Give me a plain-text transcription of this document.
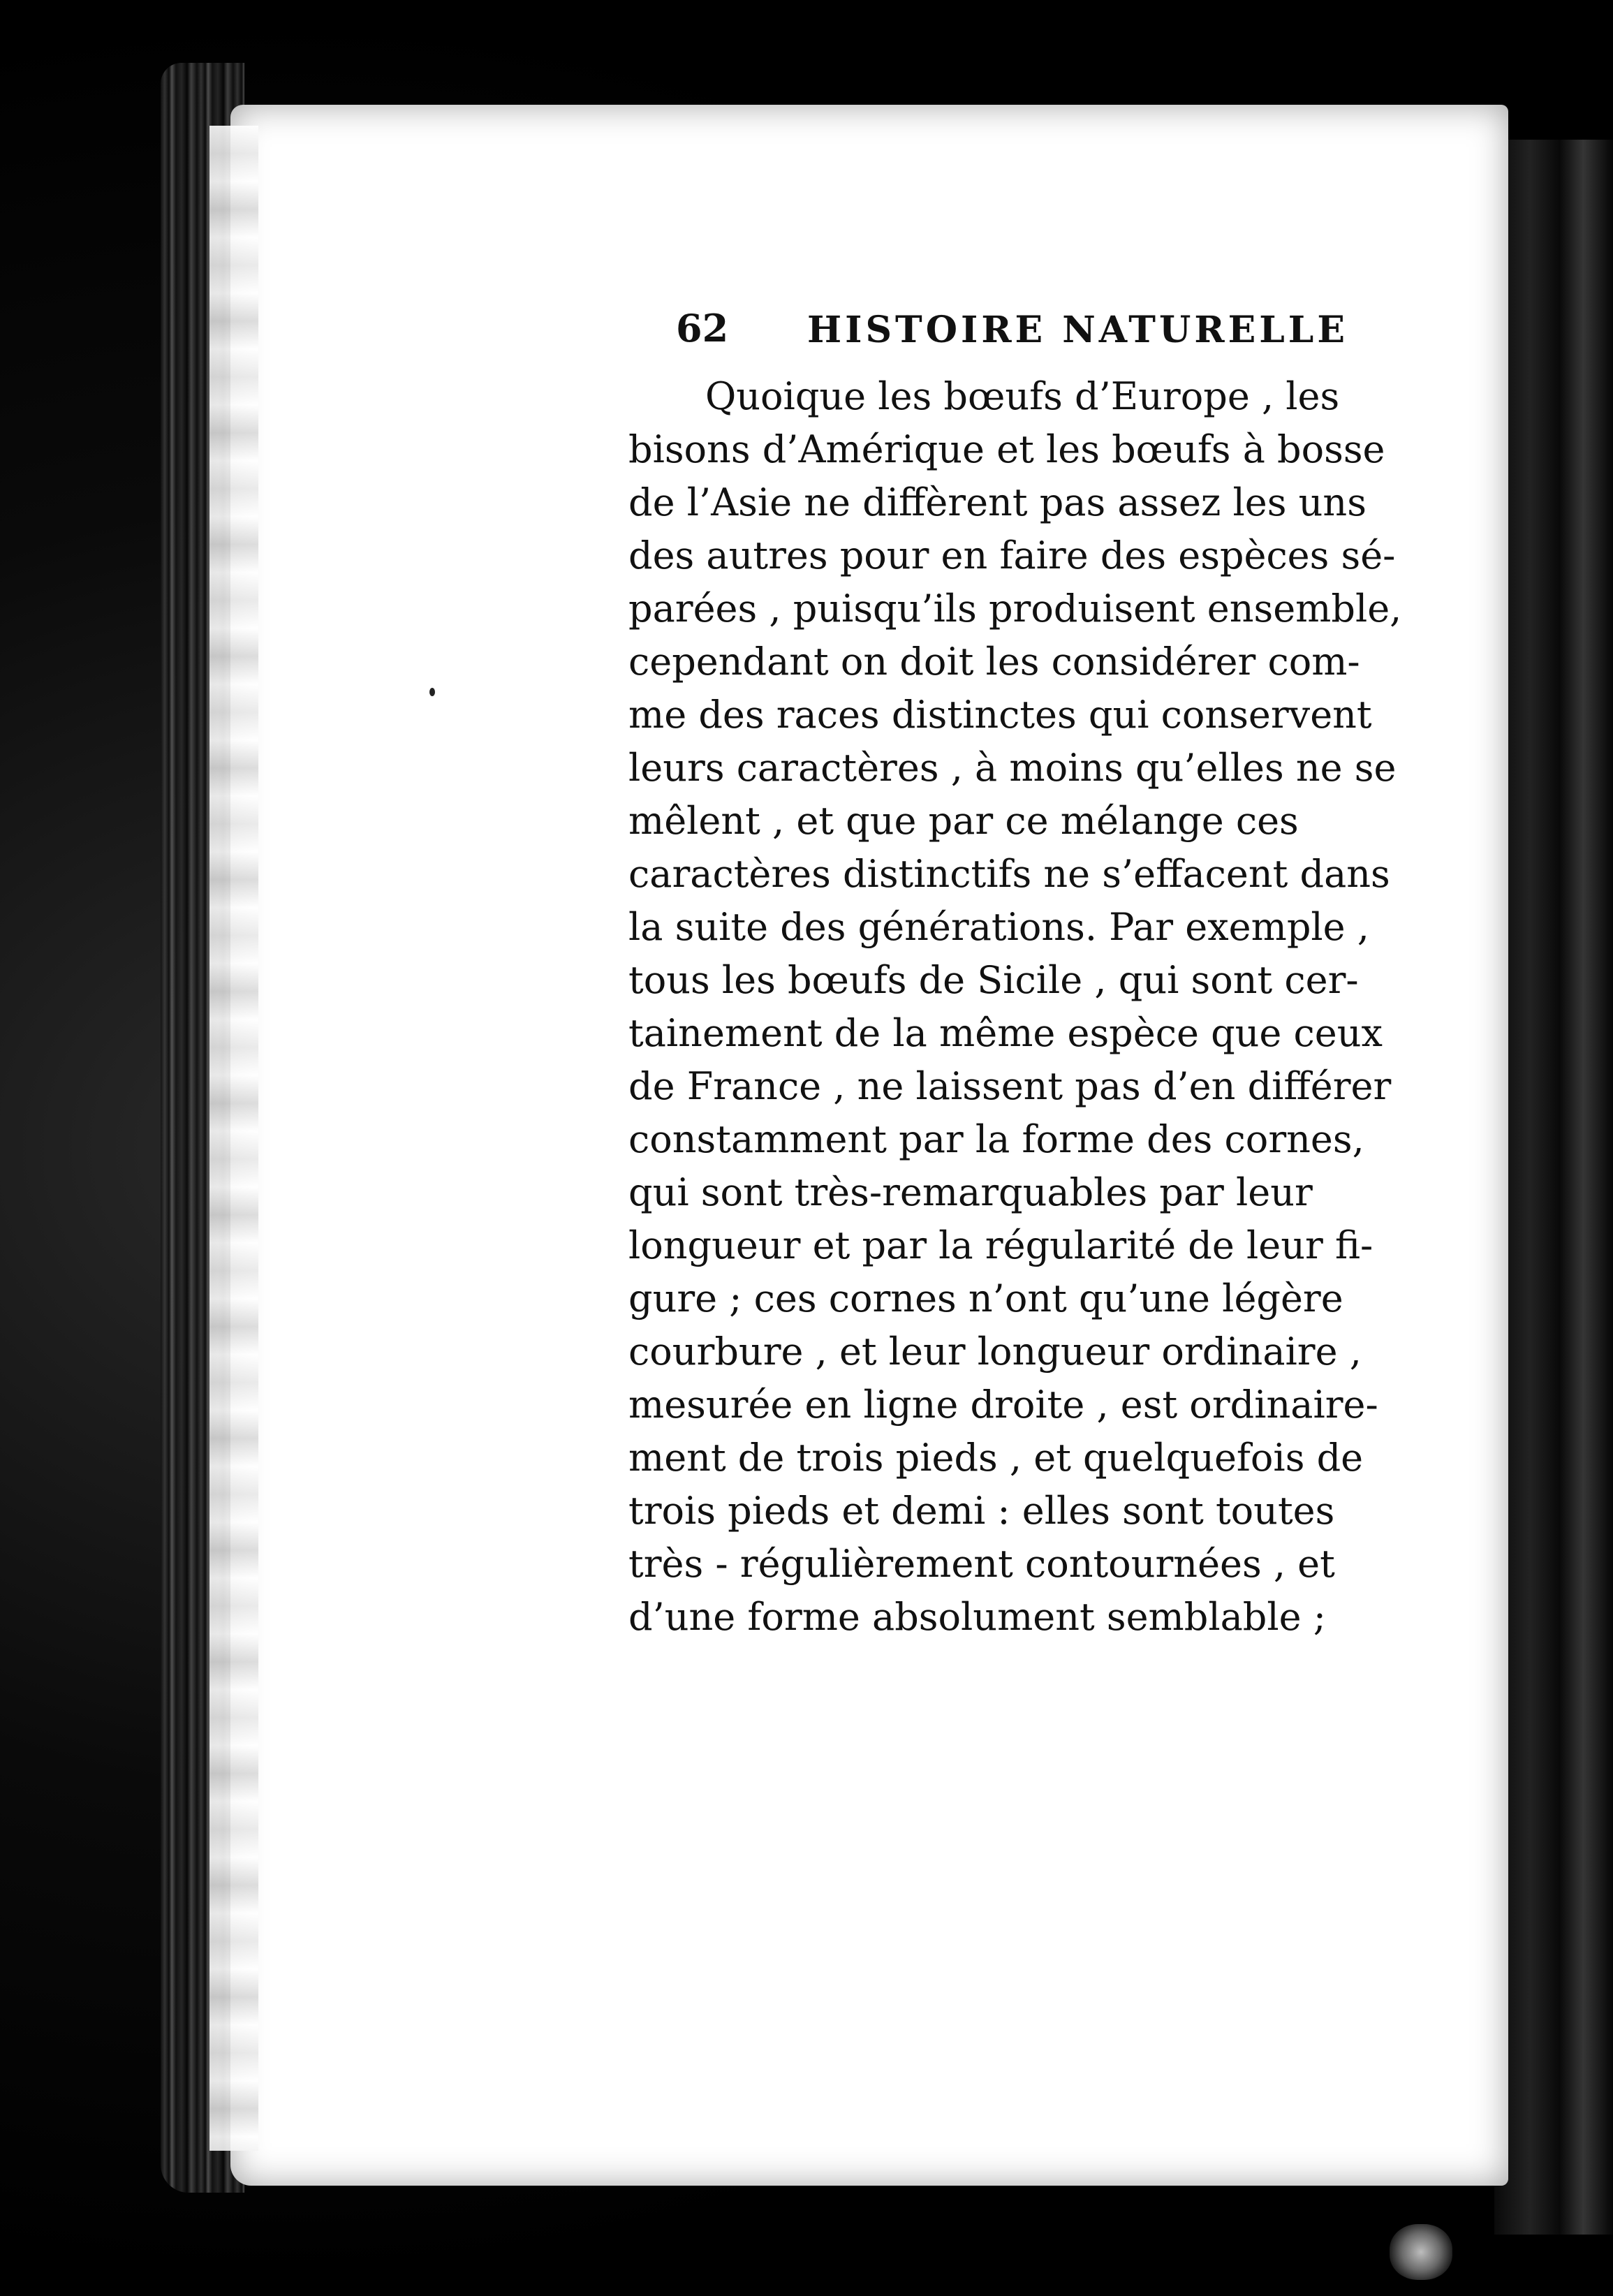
62 HISTOIRE NATURELLE
Quoique les bœufs d’Europe , les
bisons d’Amérique et les bœufs à bosse
de l’Asie ne diffèrent pas assez les uns
des autres pour en faire des espèces sé-
parées , puisqu’ils produisent ensemble,
cependant on doit les considérer com-
me des races distinctes qui conservent
leurs caractères , à moins qu’elles ne se
mêlent , et que par ce mélange ces
caractères distinctifs ne s’effacent dans
la suite des générations. Par exemple ,
tous les bœufs de Sicile , qui sont cer-
tainement de la même espèce que ceux
de France , ne laissent pas d’en différer
constamment par la forme des cornes,
qui sont très-remarquables par leur
longueur et par la régularité de leur fi-
gure ; ces cornes n’ont qu’une légère
courbure , et leur longueur ordinaire ,
mesurée en ligne droite , est ordinaire-
ment de trois pieds , et quelquefois de
trois pieds et demi : elles sont toutes
très - régulièrement contournées , et
d’une forme absolument semblable ;
